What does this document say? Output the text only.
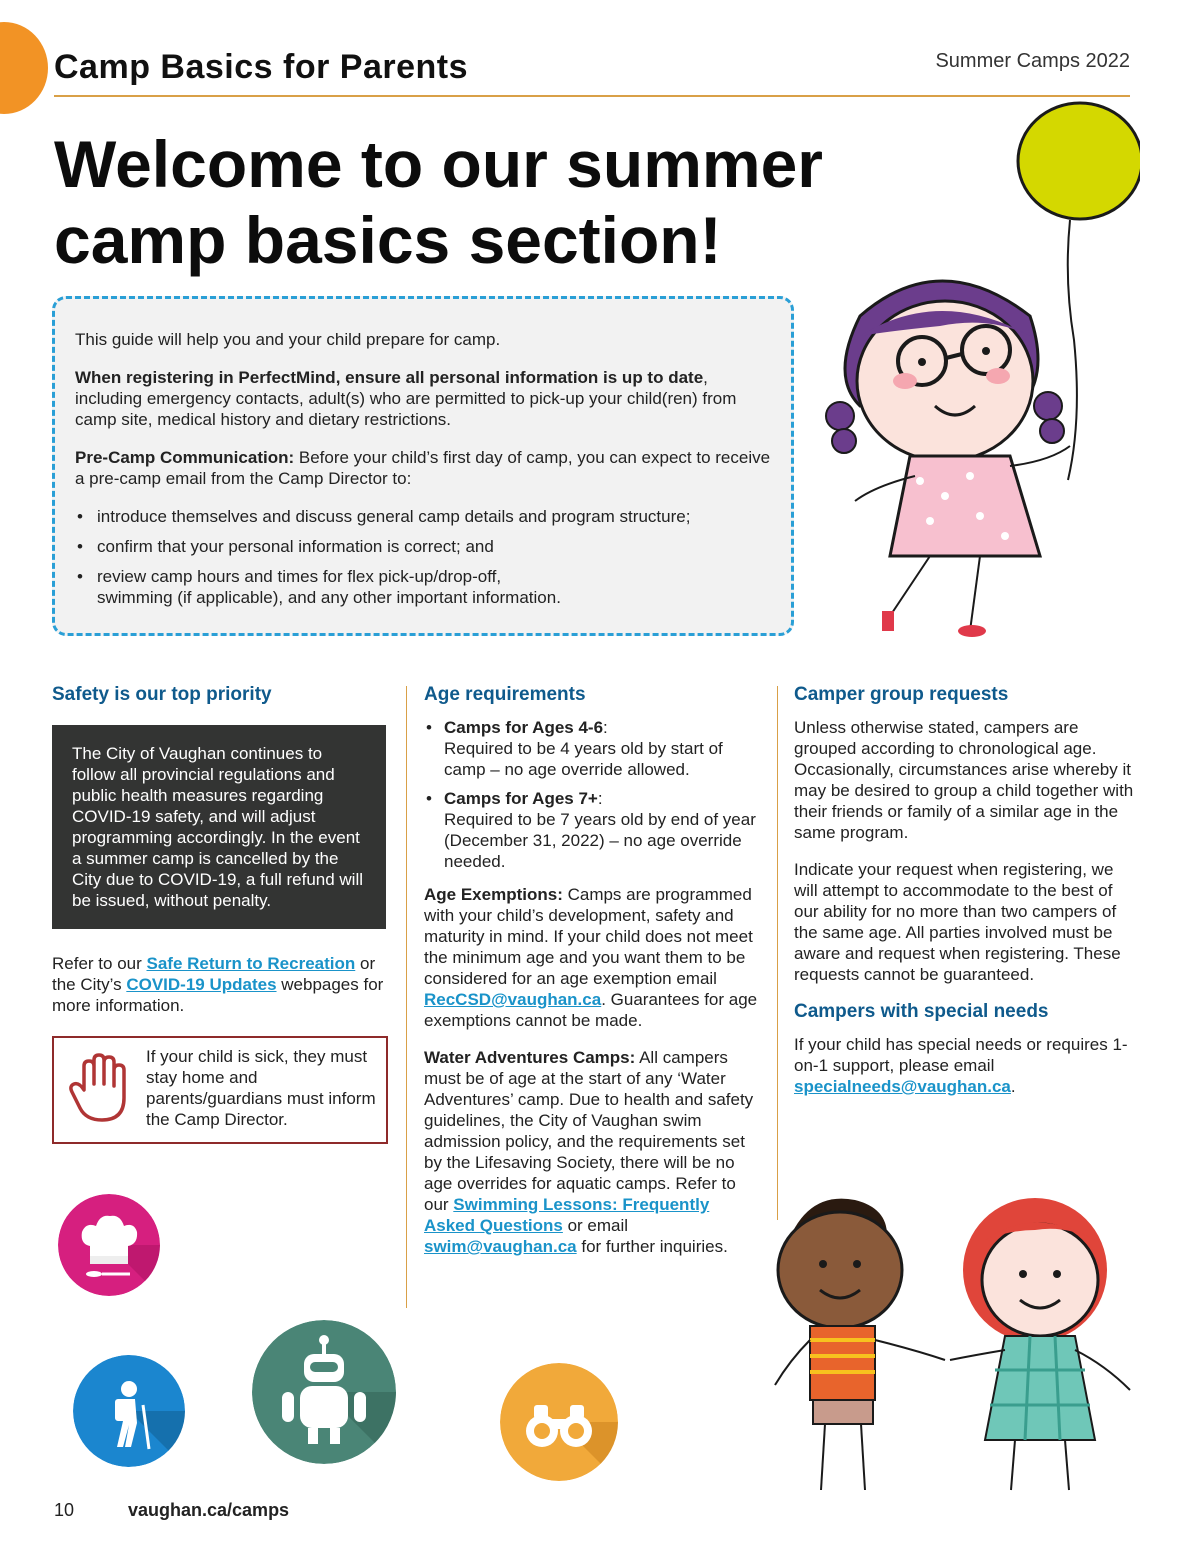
Camp Basics for Parents	Summer Camps 2022
Welcome to our summer
camp basics section!

This guide will help you and your child prepare for camp.

When registering in PerfectMind, ensure all personal information is up to date, including emergency contacts, adult(s) who are permitted to pick-up your child(ren) from camp site, medical history and dietary restrictions.

Pre-Camp Communication: Before your child’s first day of camp, you can expect to receive a pre-camp email from the Camp Director to:

• introduce themselves and discuss general camp details and program structure;
• confirm that your personal information is correct; and
• review camp hours and times for flex pick-up/drop-off, swimming (if applicable), and any other important information.
Safety is our top priority
The City of Vaughan continues to follow all provincial regulations and public health measures regarding COVID-19 safety, and will adjust programming accordingly. In the event a summer camp is cancelled by the City due to COVID-19, a full refund will be issued, without penalty.

Refer to our Safe Return to Recreation or the City’s COVID-19 Updates webpages for more information.

If your child is sick, they must stay home and parents/guardians must inform the Camp Director.
Age requirements
• Camps for Ages 4-6:
Required to be 4 years old by start of camp – no age override allowed.
• Camps for Ages 7+:
Required to be 7 years old by end of year (December 31, 2022) – no age override needed.

Age Exemptions: Camps are programmed with your child’s development, safety and maturity in mind. If your child does not meet the minimum age and you want them to be considered for an age exemption email RecCSD@vaughan.ca. Guarantees for age exemptions cannot be made.

Water Adventures Camps: All campers must be of age at the start of any ‘Water Adventures’ camp. Due to health and safety guidelines, the City of Vaughan swim admission policy, and the requirements set by the Lifesaving Society, there will be no age overrides for aquatic camps. Refer to our Swimming Lessons: Frequently Asked Questions or email swim@vaughan.ca for further inquiries.

Camper group requests

Unless otherwise stated, campers are grouped according to chronological age. Occasionally, circumstances arise whereby it may be desired to group a child together with their friends or family of a similar age in the same program.

Indicate your request when registering, we will attempt to accommodate to the best of our ability for no more than two campers of the same age. All parties involved must be aware and request when registering. These requests cannot be guaranteed.

Campers with special needs

If your child has special needs or requires 1-on-1 support, please email specialneeds@vaughan.ca.

10	vaughan.ca/camps
